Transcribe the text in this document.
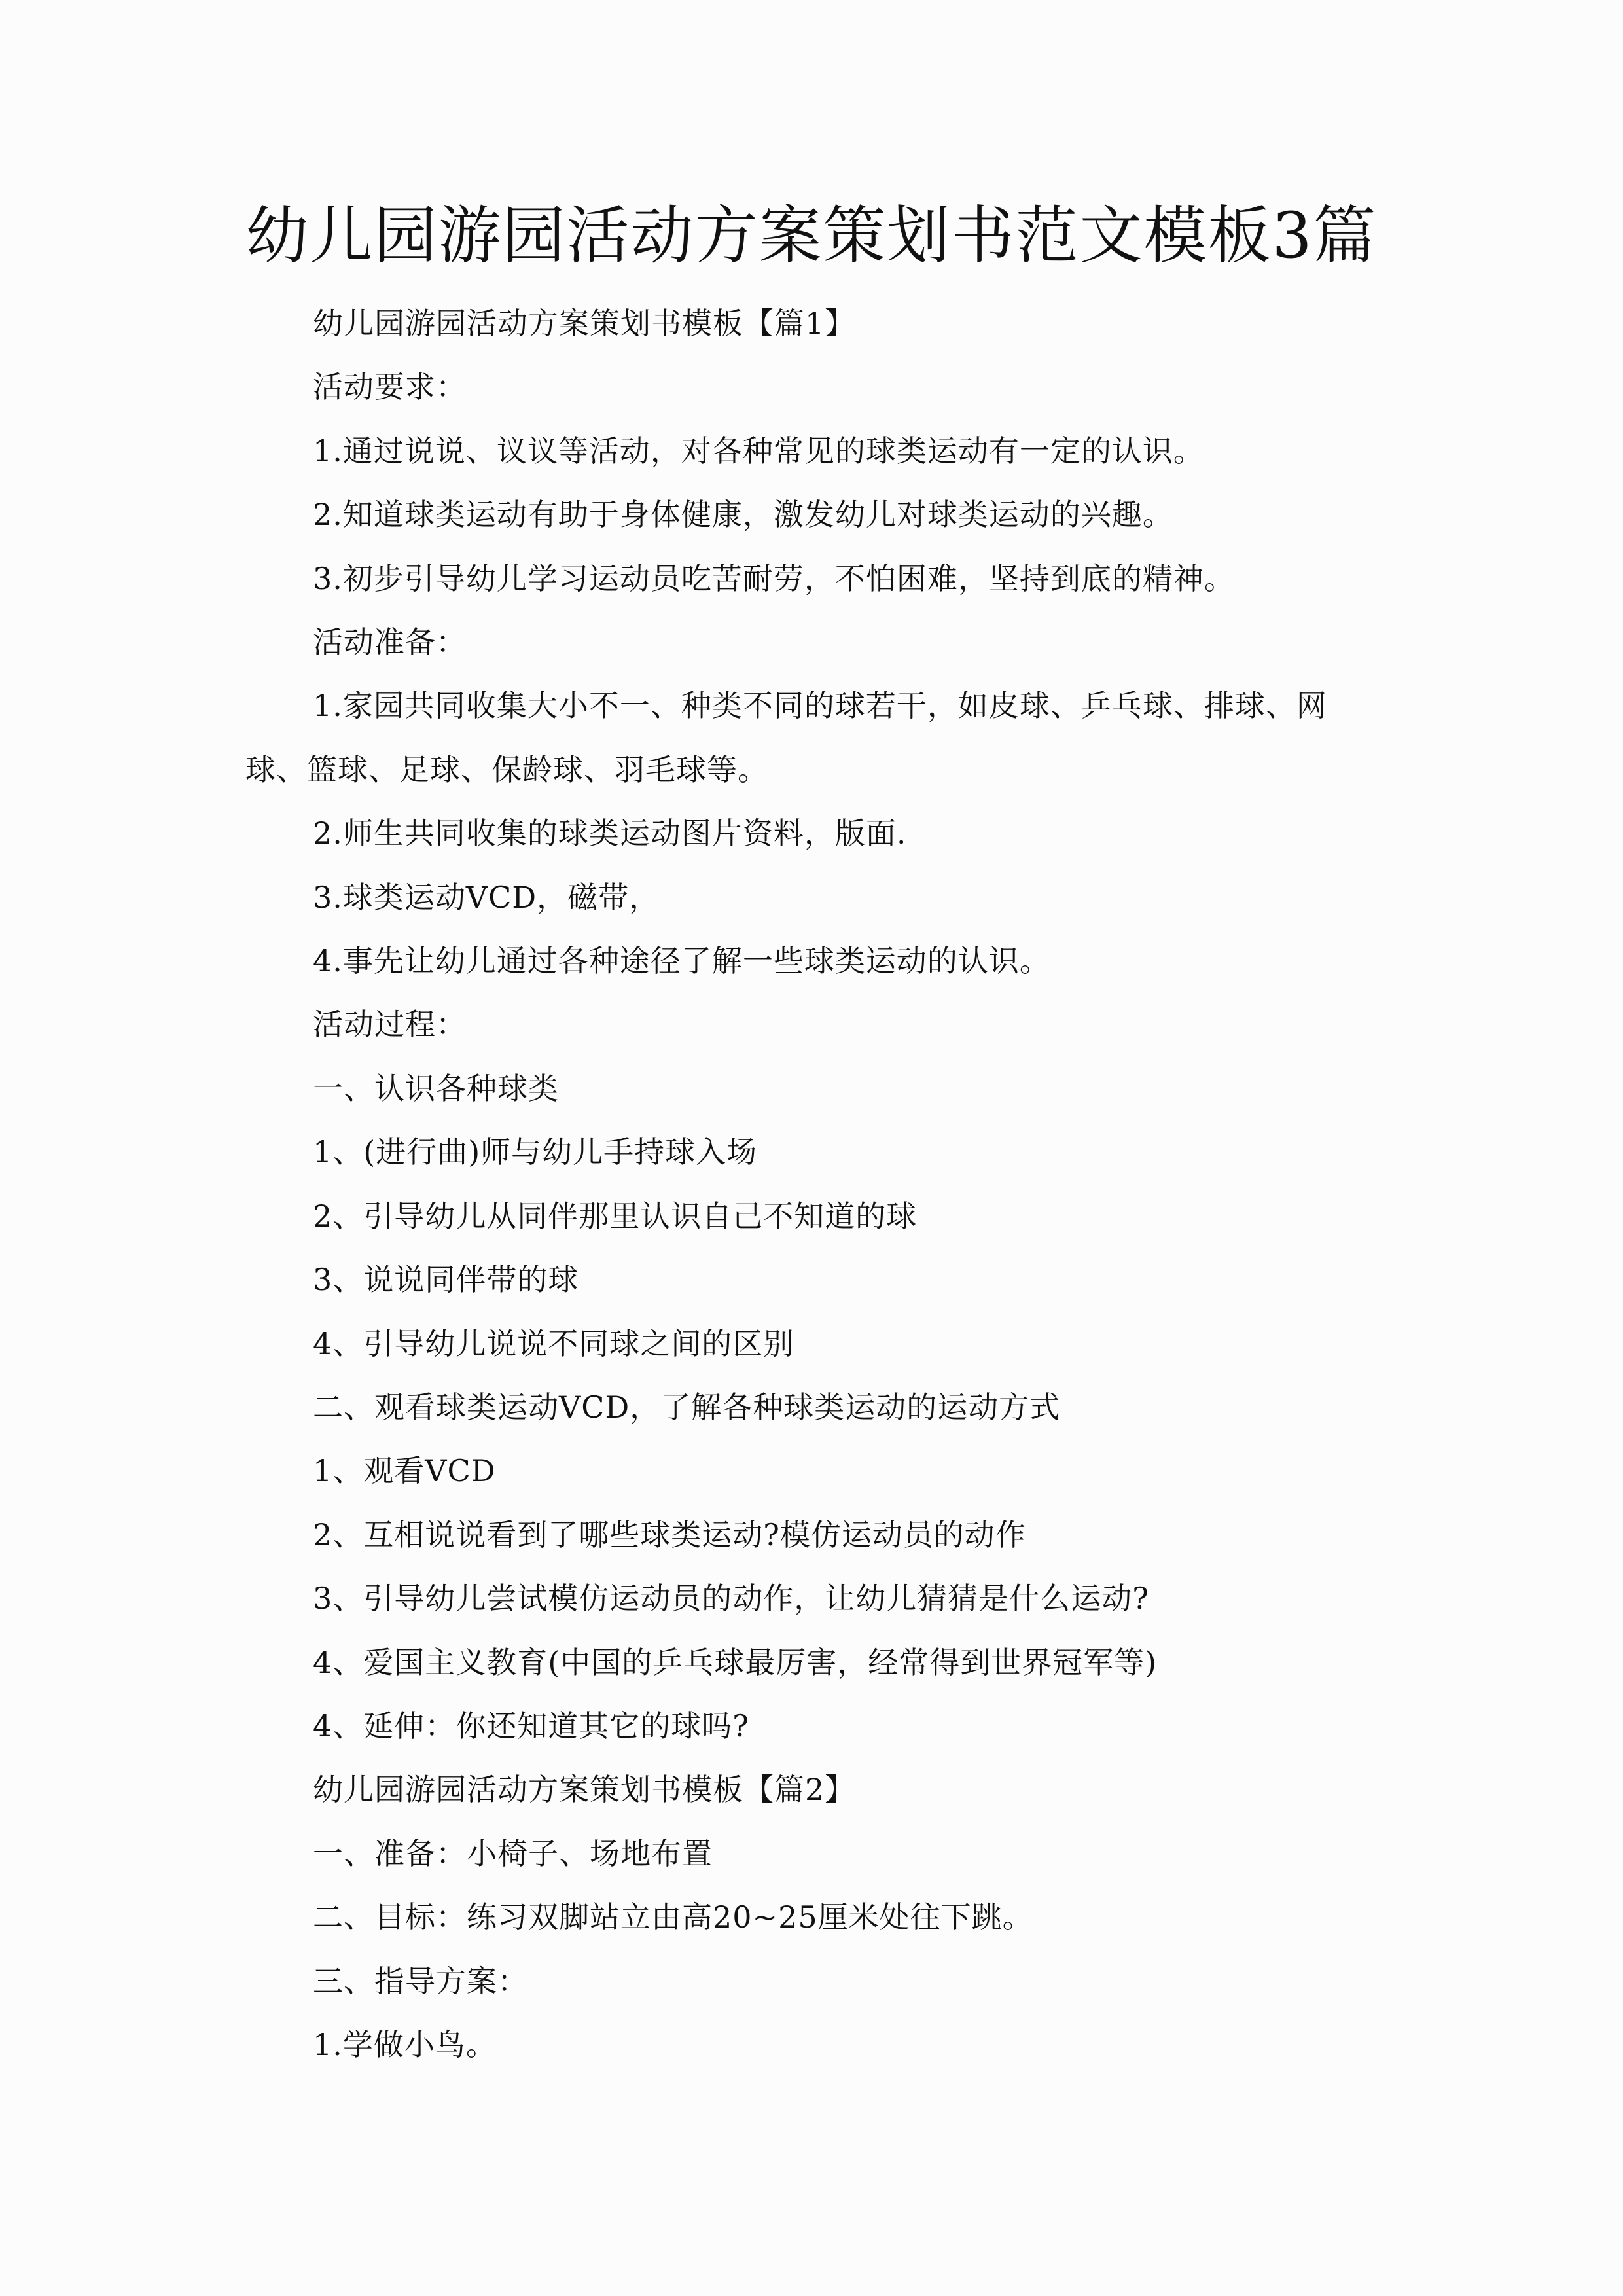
幼儿园游园活动方案策划书范文模板3篇

幼儿园游园活动方案策划书模板【篇1】

活动要求：

1.通过说说、议议等活动，对各种常见的球类运动有一定的认识。

2.知道球类运动有助于身体健康，激发幼儿对球类运动的兴趣。

3.初步引导幼儿学习运动员吃苦耐劳，不怕困难，坚持到底的精神。

活动准备：

1.家园共同收集大小不一、种类不同的球若干，如皮球、乒乓球、排球、网球、篮球、足球、保龄球、羽毛球等。

2.师生共同收集的球类运动图片资料，版面.

3.球类运动VCD，磁带，

4.事先让幼儿通过各种途径了解一些球类运动的认识。

活动过程：

一、认识各种球类

1、(进行曲)师与幼儿手持球入场

2、引导幼儿从同伴那里认识自己不知道的球

3、说说同伴带的球

4、引导幼儿说说不同球之间的区别

二、观看球类运动VCD，了解各种球类运动的运动方式

1、观看VCD

2、互相说说看到了哪些球类运动?模仿运动员的动作

3、引导幼儿尝试模仿运动员的动作，让幼儿猜猜是什么运动?

4、爱国主义教育(中国的乒乓球最厉害，经常得到世界冠军等)

4、延伸：你还知道其它的球吗?

幼儿园游园活动方案策划书模板【篇2】

一、准备：小椅子、场地布置

二、目标：练习双脚站立由高20~25厘米处往下跳。

三、指导方案：

1.学做小鸟。
